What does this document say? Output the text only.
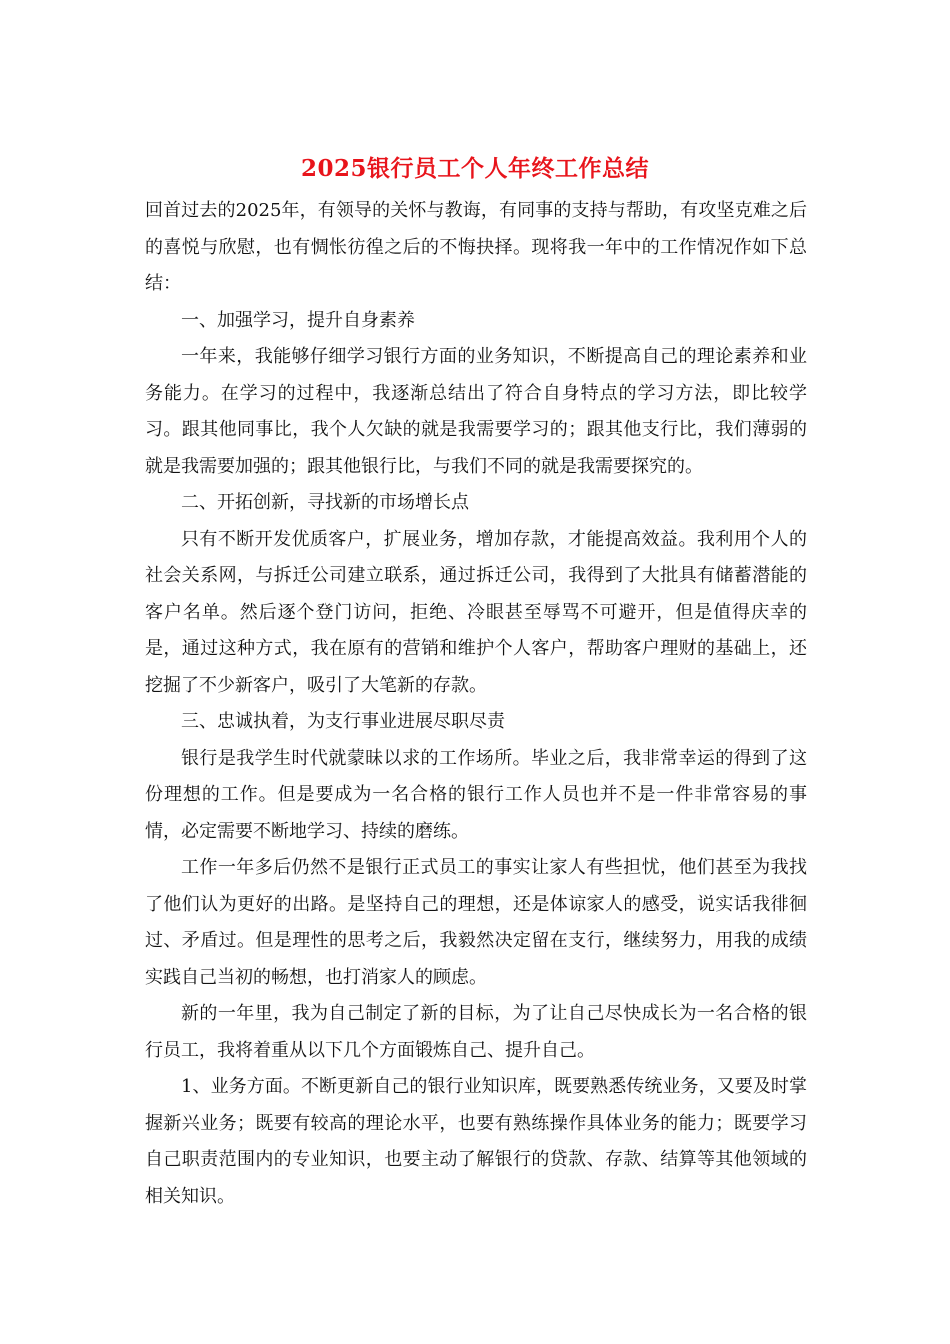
2025银行员工个人年终工作总结

回首过去的2025年，有领导的关怀与教诲，有同事的支持与帮助，有攻坚克难之后的喜悦与欣慰，也有惆怅彷徨之后的不悔抉择。现将我一年中的工作情况作如下总结：

一、加强学习，提升自身素养

一年来，我能够仔细学习银行方面的业务知识，不断提高自己的理论素养和业务能力。在学习的过程中，我逐渐总结出了符合自身特点的学习方法，即比较学习。跟其他同事比，我个人欠缺的就是我需要学习的；跟其他支行比，我们薄弱的就是我需要加强的；跟其他银行比，与我们不同的就是我需要探究的。

二、开拓创新，寻找新的市场增长点

只有不断开发优质客户，扩展业务，增加存款，才能提高效益。我利用个人的社会关系网，与拆迁公司建立联系，通过拆迁公司，我得到了大批具有储蓄潜能的客户名单。然后逐个登门访问，拒绝、冷眼甚至辱骂不可避开，但是值得庆幸的是，通过这种方式，我在原有的营销和维护个人客户，帮助客户理财的基础上，还挖掘了不少新客户，吸引了大笔新的存款。

三、忠诚执着，为支行事业进展尽职尽责

银行是我学生时代就蒙昧以求的工作场所。毕业之后，我非常幸运的得到了这份理想的工作。但是要成为一名合格的银行工作人员也并不是一件非常容易的事情，必定需要不断地学习、持续的磨练。

工作一年多后仍然不是银行正式员工的事实让家人有些担忧，他们甚至为我找了他们认为更好的出路。是坚持自己的理想，还是体谅家人的感受，说实话我徘徊过、矛盾过。但是理性的思考之后，我毅然决定留在支行，继续努力，用我的成绩实践自己当初的畅想，也打消家人的顾虑。

新的一年里，我为自己制定了新的目标，为了让自己尽快成长为一名合格的银行员工，我将着重从以下几个方面锻炼自己、提升自己。

1、业务方面。不断更新自己的银行业知识库，既要熟悉传统业务，又要及时掌握新兴业务；既要有较高的理论水平，也要有熟练操作具体业务的能力；既要学习自己职责范围内的专业知识，也要主动了解银行的贷款、存款、结算等其他领域的相关知识。
